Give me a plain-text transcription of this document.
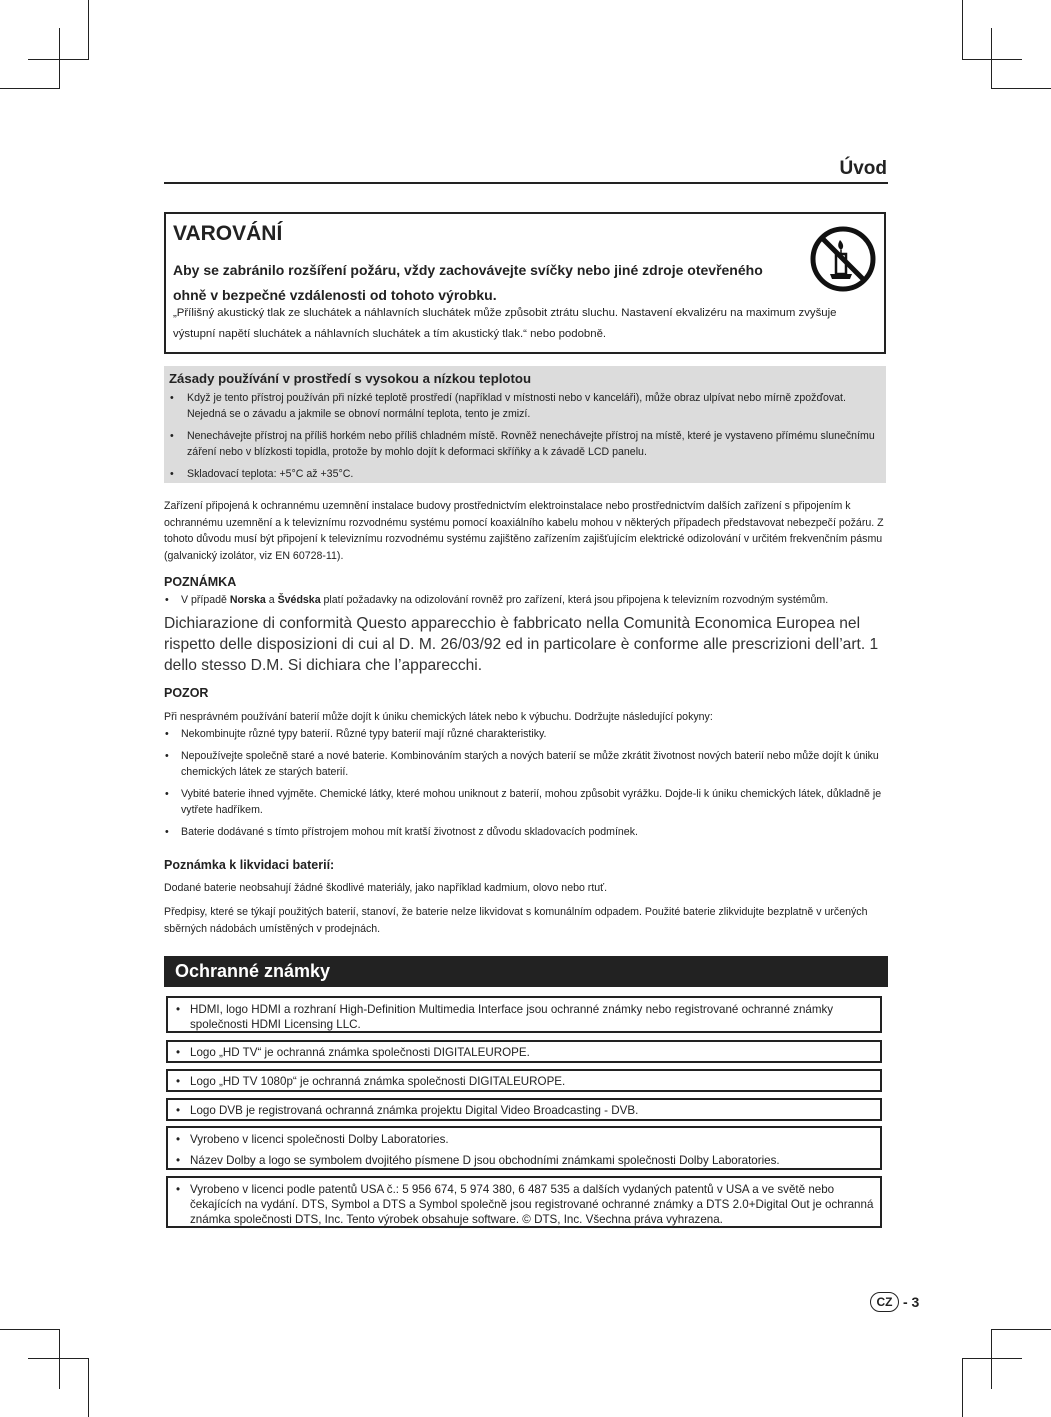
Úvod
VAROVÁNÍ
Aby se zabránilo rozšíření požáru, vždy zachovávejte svíčky nebo jiné zdroje otevřeného ohně v bezpečné vzdálenosti od tohoto výrobku.
„Přílišný akustický tlak ze sluchátek a náhlavních sluchátek může způsobit ztrátu sluchu. Nastavení ekvalizéru na maximum zvyšuje výstupní napětí sluchátek a náhlavních sluchátek a tím akustický tlak.“ nebo podobně.
Zásady používání v prostředí s vysokou a nízkou teplotou
• Když je tento přístroj používán při nízké teplotě prostředí (například v místnosti nebo v kanceláři), může obraz ulpívat nebo mírně zpožďovat. Nejedná se o závadu a jakmile se obnoví normální teplota, tento je zmizí.
• Nenechávejte přístroj na příliš horkém nebo příliš chladném místě. Rovněž nenechávejte přístroj na místě, které je vystaveno přímému slunečnímu záření nebo v blízkosti topidla, protože by mohlo dojít k deformaci skříňky a k závadě LCD panelu.
• Skladovací teplota: +5°C až +35°C.
Zařízení připojená k ochrannému uzemnění instalace budovy prostřednictvím elektroinstalace nebo prostřednictvím dalších zařízení s připojením k ochrannému uzemnění a k televiznímu rozvodnému systému pomocí koaxiálního kabelu mohou v některých případech představovat nebezpečí požáru. Z tohoto důvodu musí být připojení k televiznímu rozvodnému systému zajištěno zařízením zajišťujícím elektrické odizolování v určitém frekvenčním pásmu (galvanický izolátor, viz EN 60728-11).
POZNÁMKA
• V případě Norska a Švédska platí požadavky na odizolování rovněž pro zařízení, která jsou připojena k televizním rozvodným systémům.
Dichiarazione di conformità Questo apparecchio è fabbricato nella Comunità Economica Europea nel rispetto delle disposizioni di cui al D. M. 26/03/92 ed in particolare è conforme alle prescrizioni dell’art. 1 dello stesso D.M. Si dichiara che l’apparecchi.
POZOR
Při nesprávném používání baterií může dojít k úniku chemických látek nebo k výbuchu. Dodržujte následující pokyny:
• Nekombinujte různé typy baterií. Různé typy baterií mají různé charakteristiky.
• Nepoužívejte společně staré a nové baterie. Kombinováním starých a nových baterií se může zkrátit životnost nových baterií nebo může dojít k úniku chemických látek ze starých baterií.
• Vybité baterie ihned vyjměte. Chemické látky, které mohou uniknout z baterií, mohou způsobit vyrážku. Dojde-li k úniku chemických látek, důkladně je vytřete hadříkem.
• Baterie dodávané s tímto přístrojem mohou mít kratší životnost z důvodu skladovacích podmínek.
Poznámka k likvidaci baterií:
Dodané baterie neobsahují žádné škodlivé materiály, jako například kadmium, olovo nebo rtuť.
Předpisy, které se týkají použitých baterií, stanoví, že baterie nelze likvidovat s komunálním odpadem. Použité baterie zlikvidujte bezplatně v určených sběrných nádobách umístěných v prodejnách.
Ochranné známky
• HDMI, logo HDMI a rozhraní High-Definition Multimedia Interface jsou ochranné známky nebo registrované ochranné známky společnosti HDMI Licensing LLC.
• Logo „HD TV“ je ochranná známka společnosti DIGITALEUROPE.
• Logo „HD TV 1080p“ je ochranná známka společnosti DIGITALEUROPE.
• Logo DVB je registrovaná ochranná známka projektu Digital Video Broadcasting - DVB.
• Vyrobeno v licenci společnosti Dolby Laboratories.
• Název Dolby a logo se symbolem dvojitého písmene D jsou obchodními známkami společnosti Dolby Laboratories.
• Vyrobeno v licenci podle patentů USA č.: 5 956 674, 5 974 380, 6 487 535 a dalších vydaných patentů v USA a ve světě nebo čekajících na vydání. DTS, Symbol a DTS a Symbol společně jsou registrované ochranné známky a DTS 2.0+Digital Out je ochranná známka společnosti DTS, Inc. Tento výrobek obsahuje software. © DTS, Inc. Všechna práva vyhrazena.
CZ - 3
